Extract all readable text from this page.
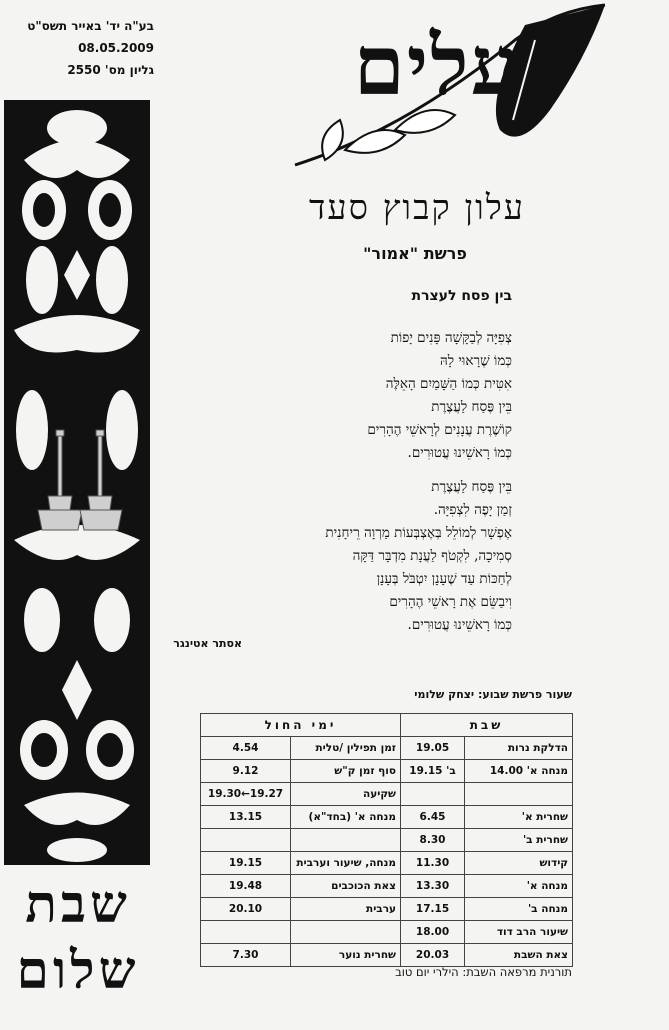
בע"ה יד' באייר תשס"ט
08.05.2009
גליון מס' 2550 עלים
עלון קבוץ סעד
פרשת "אמור"
בין פסח לעצרת
צְפִיָּה לְבַקָּשָׁה פָּנִים יָפוֹת
כְּמוֹ שֶׁרָאוּי לָהּ
אִטִּית כְּמוֹ הַשָּׁמַיִם הָאֵלֶּה
בֵּין פֶּסַח לַעֲצֶרֶת
קוֹשֶׁרֶת עֲנָנִים לְרָאשֵׁי הֶהָרִים
כְּמוֹ רָאשֵׁינוּ עֲטוּרִים.
בֵּין פֶּסַח לַעֲצֶרֶת
זְמַן יָפֶה לִצְפִיָּה.
אֶפְשָׁר לְמוֹלֵל בְּאֶצְבְּעוֹת מַרְוָה רֵיחָנִית
סְמִיכָה, לִקְטֹף לַעֲנָת מִדְבָּר דַּקָּה
לְחַכּוֹת עַד שֶׁעָנָן יִטְבֹּל בְּעָנָן
וִיבַשֵּׂם אֶת רָאשֵׁי הֶהָרִים
כְּמוֹ רָאשֵׁינוּ עֲטוּרִים.
אסתר אטינגר
שעור פרשת שבוע: יצחק שלומי
שבת		ימי החול	
הדלקת נרות	19.05	זמן תפילין /טלית	4.54
מנחה א' 14.00	ב' 19.15	סוף זמן ק"ש	9.12
		שקיעה	19.30←19.27
שחרית א'	6.45	מנחה א' (בחד"א)	13.15
שחרית ב'	8.30		
קידוש	11.30	מנחה, שיעור וערבית	19.15
מנחה א'	13.30	צאת הכוכבים	19.48
מנחה ב'	17.15	ערבית	20.10
שיעור הרב דוד	18.00		
צאת השבת	20.03	שחרית נוער	7.30
תורנית מרפאה השבת: הילרי יום טוב
שבת
שלום
